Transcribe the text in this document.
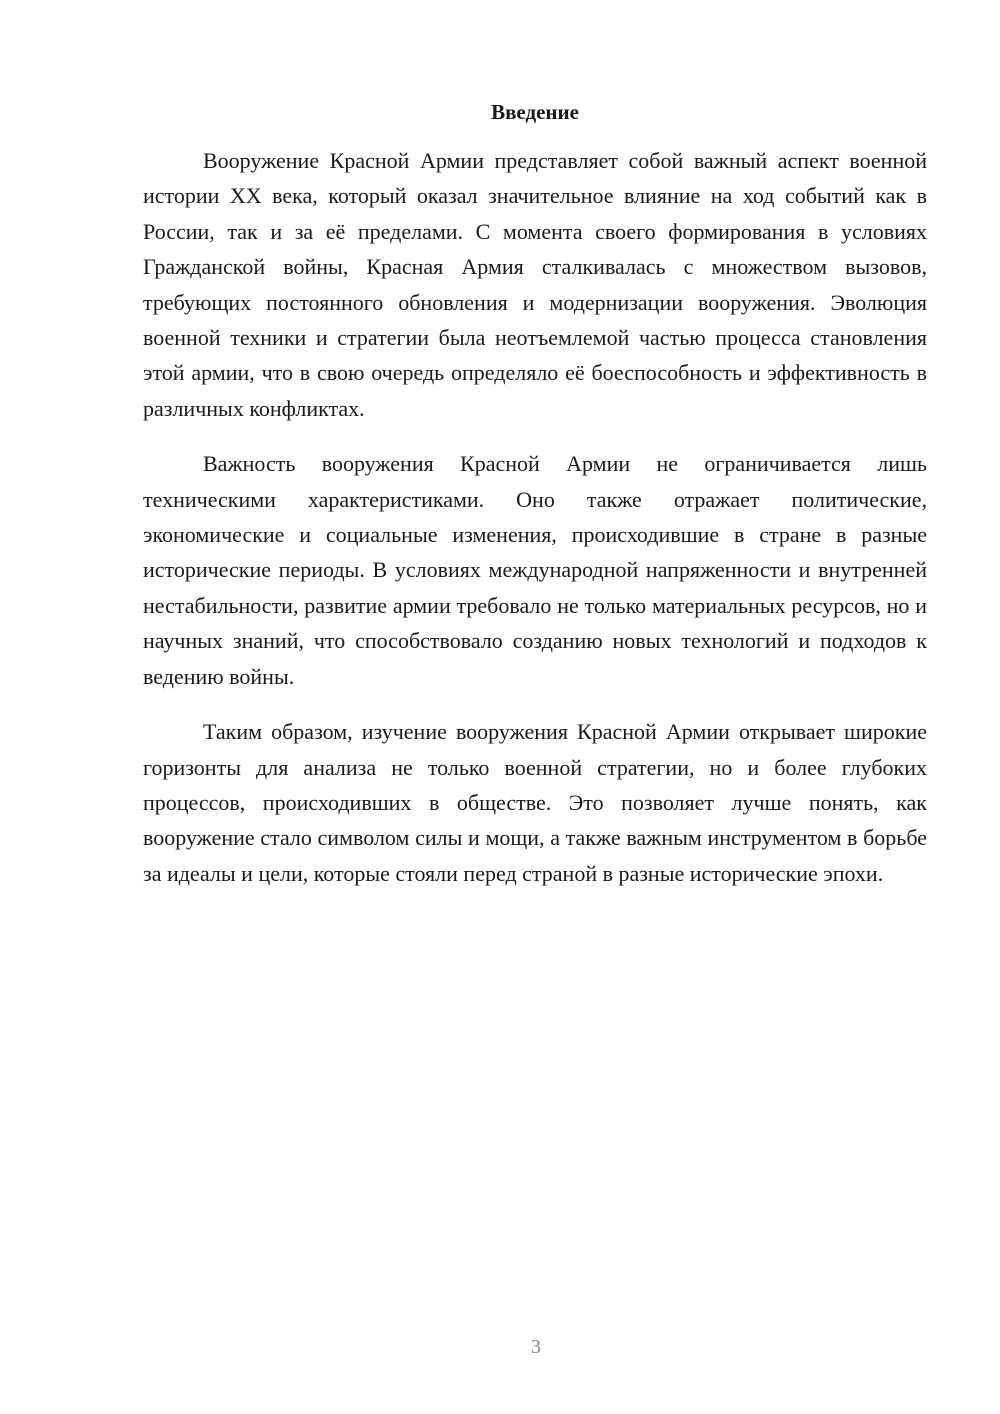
Введение

Вооружение Красной Армии представляет собой важный аспект военной истории XX века, который оказал значительное влияние на ход событий как в России, так и за её пределами. С момента своего формирования в условиях Гражданской войны, Красная Армия сталкивалась с множеством вызовов, требующих постоянного обновления и модернизации вооружения. Эволюция военной техники и стратегии была неотъемлемой частью процесса становления этой армии, что в свою очередь определяло её боеспособность и эффективность в различных конфликтах.

Важность вооружения Красной Армии не ограничивается лишь техническими характеристиками. Оно также отражает политические, экономические и социальные изменения, происходившие в стране в разные исторические периоды. В условиях международной напряженности и внутренней нестабильности, развитие армии требовало не только материальных ресурсов, но и научных знаний, что способствовало созданию новых технологий и подходов к ведению войны.

Таким образом, изучение вооружения Красной Армии открывает широкие горизонты для анализа не только военной стратегии, но и более глубоких процессов, происходивших в обществе. Это позволяет лучше понять, как вооружение стало символом силы и мощи, а также важным инструментом в борьбе за идеалы и цели, которые стояли перед страной в разные исторические эпохи.

3
